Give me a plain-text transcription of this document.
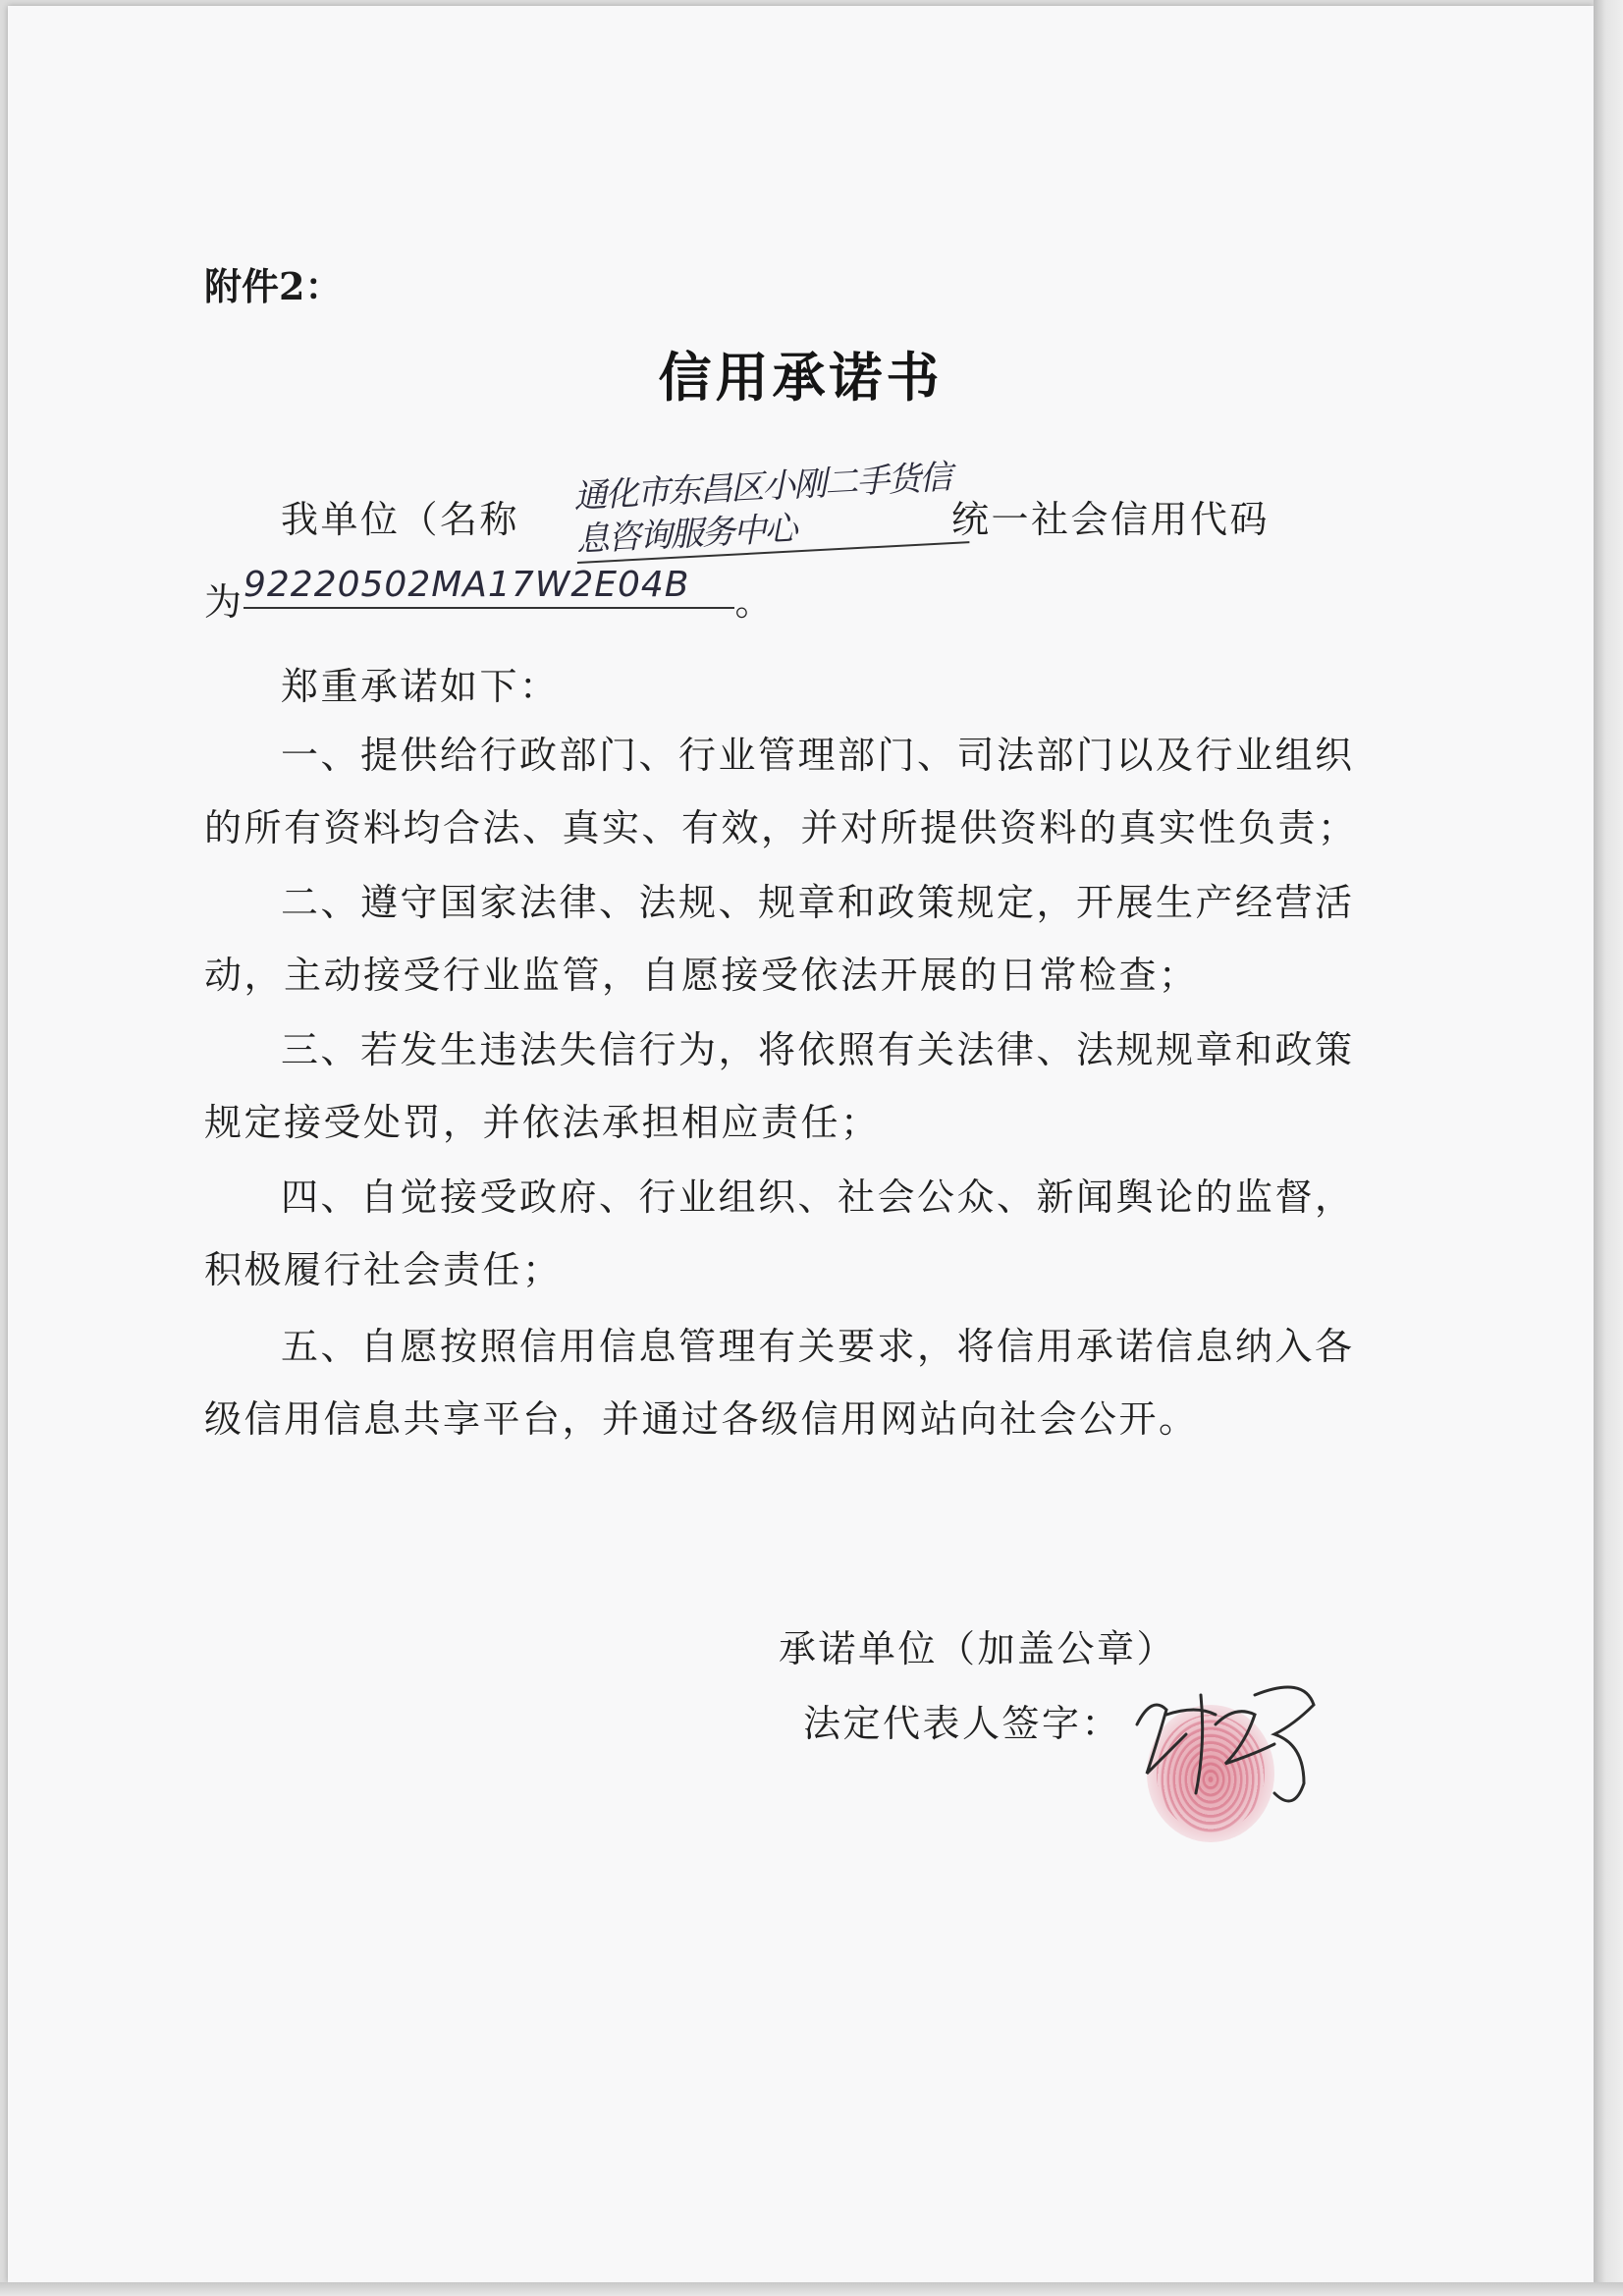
附件2：

信用承诺书

我单位（名称	统一社会信用代码

通化市东昌区小刚二手货信息咨询服务中心

为	。

92220502MA17W2E04B

郑重承诺如下：

一、提供给行政部门、行业管理部门、司法部门以及行业组织

的所有资料均合法、真实、有效，并对所提供资料的真实性负责；

二、遵守国家法律、法规、规章和政策规定，开展生产经营活

动，主动接受行业监管，自愿接受依法开展的日常检查；

三、若发生违法失信行为，将依照有关法律、法规规章和政策

规定接受处罚，并依法承担相应责任；

四、自觉接受政府、行业组织、社会公众、新闻舆论的监督，

积极履行社会责任；

五、自愿按照信用信息管理有关要求，将信用承诺信息纳入各

级信用信息共享平台，并通过各级信用网站向社会公开。

承诺单位（加盖公章）

法定代表人签字：
